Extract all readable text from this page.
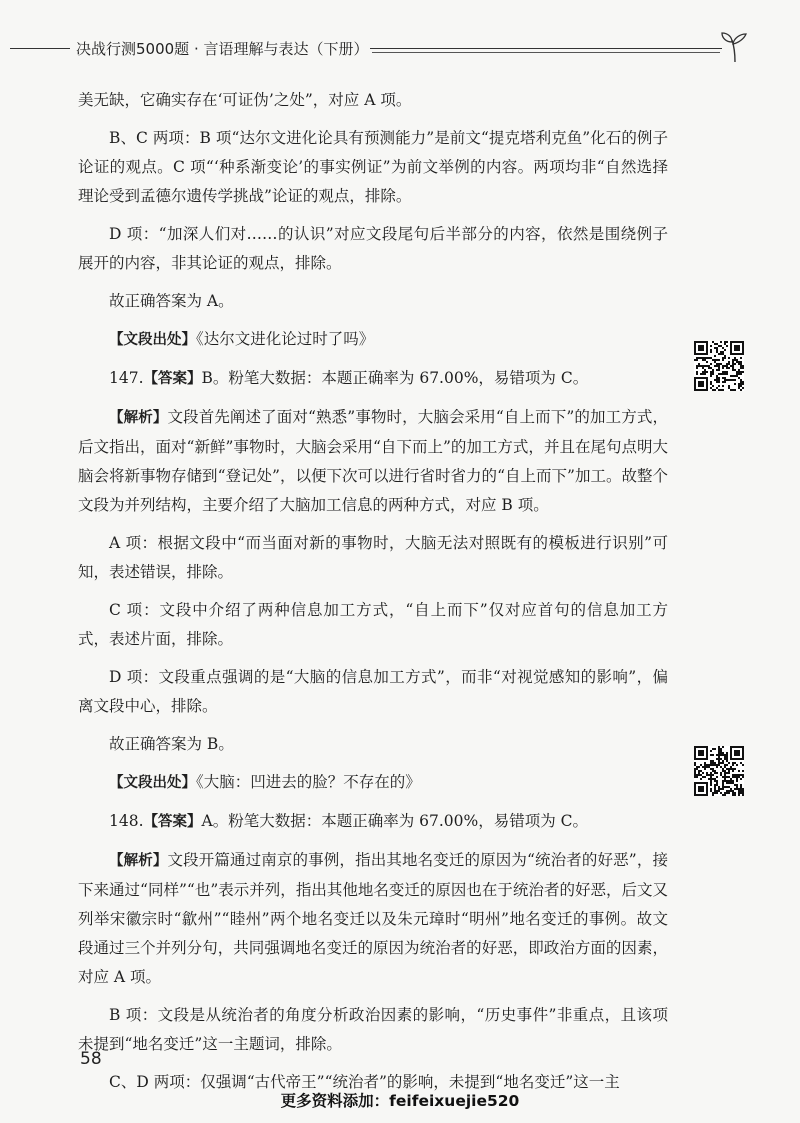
决战行测5000题 · 言语理解与表达（下册）

美无缺，它确实存在‘可证伪’之处”，对应 A 项。

B、C 两项：B 项“达尔文进化论具有预测能力”是前文“提克塔利克鱼”化石的例子论证的观点。C 项“‘种系渐变论’的事实例证”为前文举例的内容。两项均非“自然选择理论受到孟德尔遗传学挑战”论证的观点，排除。

D 项：“加深人们对……的认识”对应文段尾句后半部分的内容，依然是围绕例子展开的内容，非其论证的观点，排除。

故正确答案为 A。

【文段出处】《达尔文进化论过时了吗》

147.【答案】B。粉笔大数据：本题正确率为 67.00%，易错项为 C。

【解析】文段首先阐述了面对“熟悉”事物时，大脑会采用“自上而下”的加工方式，后文指出，面对“新鲜”事物时，大脑会采用“自下而上”的加工方式，并且在尾句点明大脑会将新事物存储到“登记处”，以便下次可以进行省时省力的“自上而下”加工。故整个文段为并列结构，主要介绍了大脑加工信息的两种方式，对应 B 项。

A 项：根据文段中“而当面对新的事物时，大脑无法对照既有的模板进行识别”可知，表述错误，排除。

C 项：文段中介绍了两种信息加工方式，“自上而下”仅对应首句的信息加工方式，表述片面，排除。

D 项：文段重点强调的是“大脑的信息加工方式”，而非“对视觉感知的影响”，偏离文段中心，排除。

故正确答案为 B。

【文段出处】《大脑：凹进去的脸？不存在的》

148.【答案】A。粉笔大数据：本题正确率为 67.00%，易错项为 C。

【解析】文段开篇通过南京的事例，指出其地名变迁的原因为“统治者的好恶”，接下来通过“同样”“也”表示并列，指出其他地名变迁的原因也在于统治者的好恶，后文又列举宋徽宗时“歙州”“睦州”两个地名变迁以及朱元璋时“明州”地名变迁的事例。故文段通过三个并列分句，共同强调地名变迁的原因为统治者的好恶，即政治方面的因素，对应 A 项。

B 项：文段是从统治者的角度分析政治因素的影响，“历史事件”非重点，且该项未提到“地名变迁”这一主题词，排除。

C、D 两项：仅强调“古代帝王”“统治者”的影响，未提到“地名变迁”这一主

58
更多资料添加：feifeixuejie520
